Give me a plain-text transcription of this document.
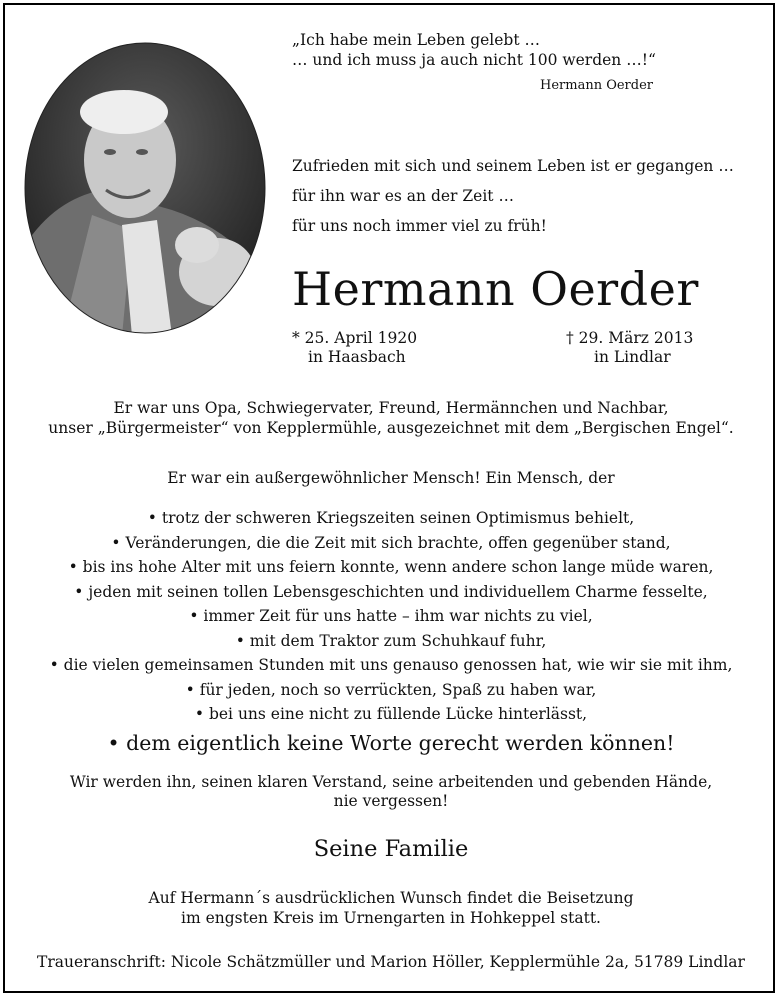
„Ich habe mein Leben gelebt …
… und ich muss ja auch nicht 100 werden …!“
Hermann Oerder
Zufrieden mit sich und seinem Leben ist er gegangen …
für ihn war es an der Zeit …
für uns noch immer viel zu früh!
Hermann Oerder
* 25. April 1920
in Haasbach
† 29. März 2013
in Lindlar
Er war uns Opa, Schwiegervater, Freund, Hermännchen und Nachbar,
unser „Bürgermeister“ von Kepplermühle, ausgezeichnet mit dem „Bergischen Engel“.
Er war ein außergewöhnlicher Mensch! Ein Mensch, der
• trotz der schweren Kriegszeiten seinen Optimismus behielt,
• Veränderungen, die die Zeit mit sich brachte, offen gegenüber stand,
• bis ins hohe Alter mit uns feiern konnte, wenn andere schon lange müde waren,
• jeden mit seinen tollen Lebensgeschichten und individuellem Charme fesselte,
• immer Zeit für uns hatte – ihm war nichts zu viel,
• mit dem Traktor zum Schuhkauf fuhr,
• die vielen gemeinsamen Stunden mit uns genauso genossen hat, wie wir sie mit ihm,
• für jeden, noch so verrückten, Spaß zu haben war,
• bei uns eine nicht zu füllende Lücke hinterlässt,
• dem eigentlich keine Worte gerecht werden können!
Wir werden ihn, seinen klaren Verstand, seine arbeitenden und gebenden Hände,
nie vergessen!
Seine Familie
Auf Hermann´s ausdrücklichen Wunsch findet die Beisetzung
im engsten Kreis im Urnengarten in Hohkeppel statt.
Traueranschrift: Nicole Schätzmüller und Marion Höller, Kepplermühle 2a, 51789 Lindlar
